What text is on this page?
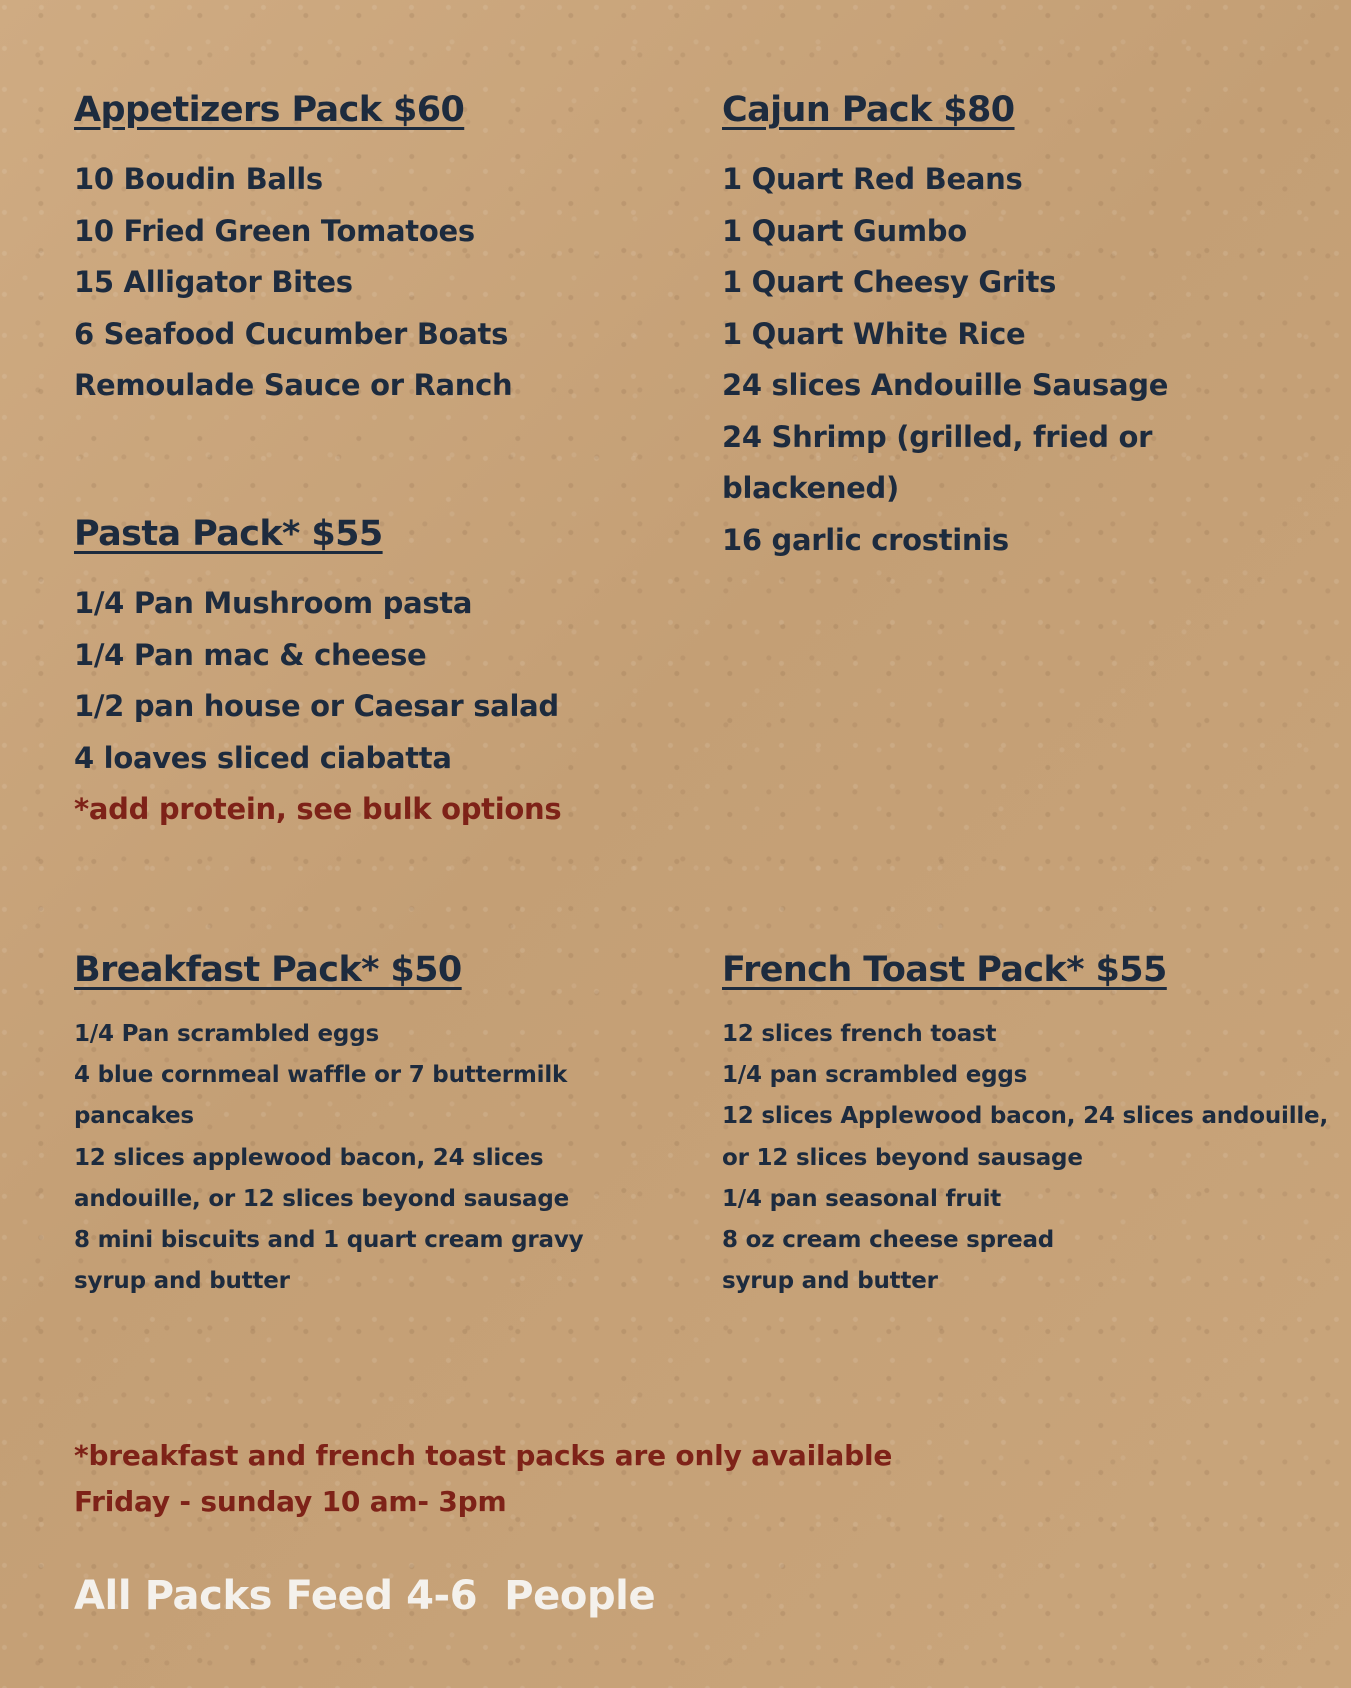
Appetizers Pack $60
10 Boudin Balls
10 Fried Green Tomatoes
15 Alligator Bites
6 Seafood Cucumber Boats
Remoulade Sauce or Ranch
Cajun Pack $80
1 Quart Red Beans
1 Quart Gumbo
1 Quart Cheesy Grits
1 Quart White Rice
24 slices Andouille Sausage
24 Shrimp (grilled, fried or blackened)
16 garlic crostinis
Pasta Pack* $55
1/4 Pan Mushroom pasta
1/4 Pan mac & cheese
1/2 pan house or Caesar salad
4 loaves sliced ciabatta
*add protein, see bulk options
Breakfast Pack* $50
1/4 Pan scrambled eggs
4 blue cornmeal waffle or 7 buttermilk pancakes
12 slices applewood bacon, 24 slices andouille, or 12 slices beyond sausage
8 mini biscuits and 1 quart cream gravy
syrup and butter
French Toast Pack* $55
12 slices french toast
1/4 pan scrambled eggs
12 slices Applewood bacon, 24 slices andouille, or 12 slices beyond sausage
1/4 pan seasonal fruit
8 oz cream cheese spread
syrup and butter
*breakfast and french toast packs are only available
Friday - sunday 10 am- 3pm
All Packs Feed 4-6  People
